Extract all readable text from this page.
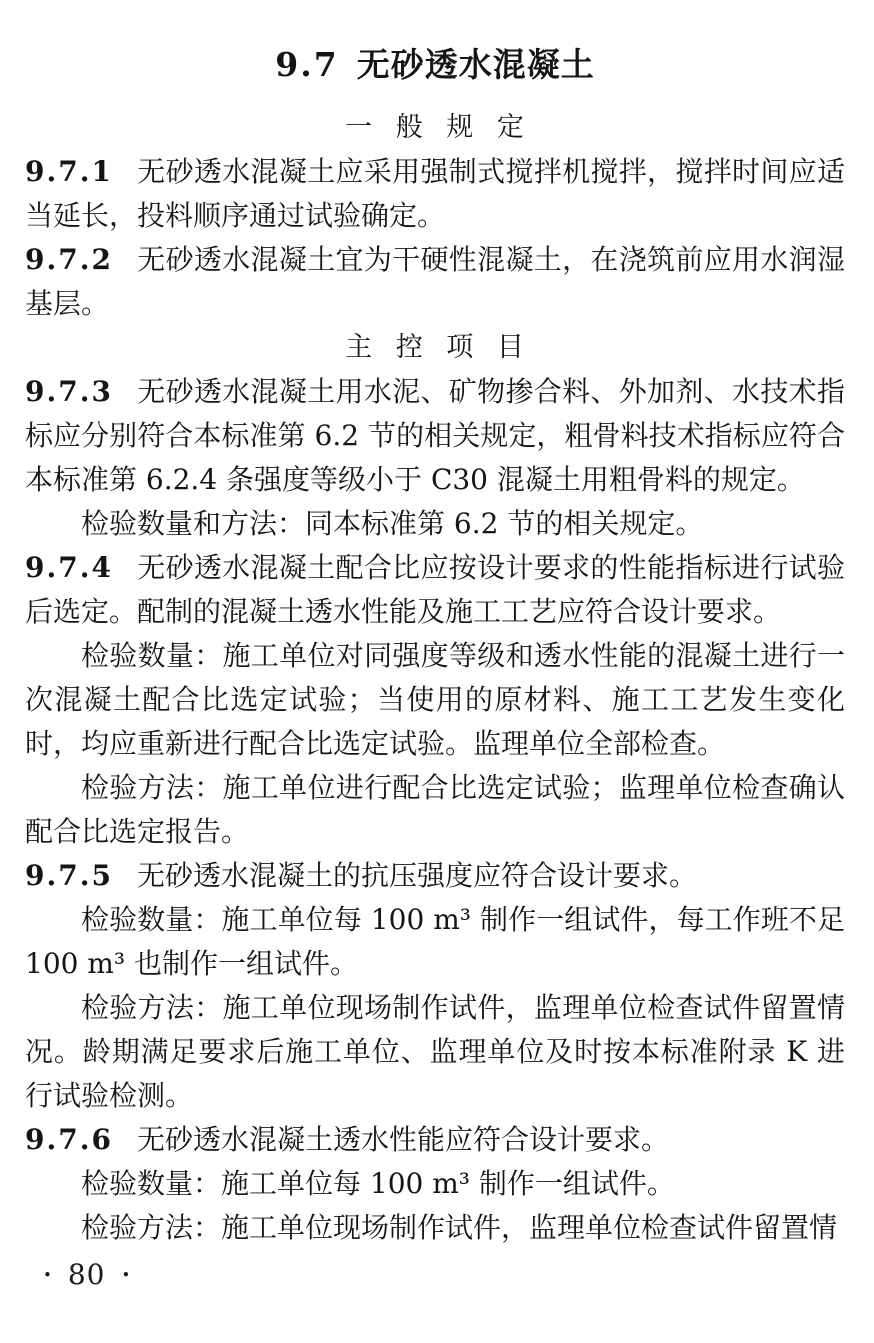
9.7 无砂透水混凝土
一 般 规 定

9.7.1 无砂透水混凝土应采用强制式搅拌机搅拌，搅拌时间应适当延长，投料顺序通过试验确定。

9.7.2 无砂透水混凝土宜为干硬性混凝土，在浇筑前应用水润湿基层。

主 控 项 目

9.7.3 无砂透水混凝土用水泥、矿物掺合料、外加剂、水技术指标应分别符合本标准第 6.2 节的相关规定，粗骨料技术指标应符合本标准第 6.2.4 条强度等级小于 C30 混凝土用粗骨料的规定。

检验数量和方法：同本标准第 6.2 节的相关规定。

9.7.4 无砂透水混凝土配合比应按设计要求的性能指标进行试验后选定。配制的混凝土透水性能及施工工艺应符合设计要求。

检验数量：施工单位对同强度等级和透水性能的混凝土进行一次混凝土配合比选定试验；当使用的原材料、施工工艺发生变化时，均应重新进行配合比选定试验。监理单位全部检查。

检验方法：施工单位进行配合比选定试验；监理单位检查确认配合比选定报告。

9.7.5 无砂透水混凝土的抗压强度应符合设计要求。

检验数量：施工单位每 100 m³ 制作一组试件，每工作班不足 100 m³ 也制作一组试件。

检验方法：施工单位现场制作试件，监理单位检查试件留置情况。龄期满足要求后施工单位、监理单位及时按本标准附录 K 进行试验检测。

9.7.6 无砂透水混凝土透水性能应符合设计要求。

检验数量：施工单位每 100 m³ 制作一组试件。

检验方法：施工单位现场制作试件，监理单位检查试件留置情

• 80 •
